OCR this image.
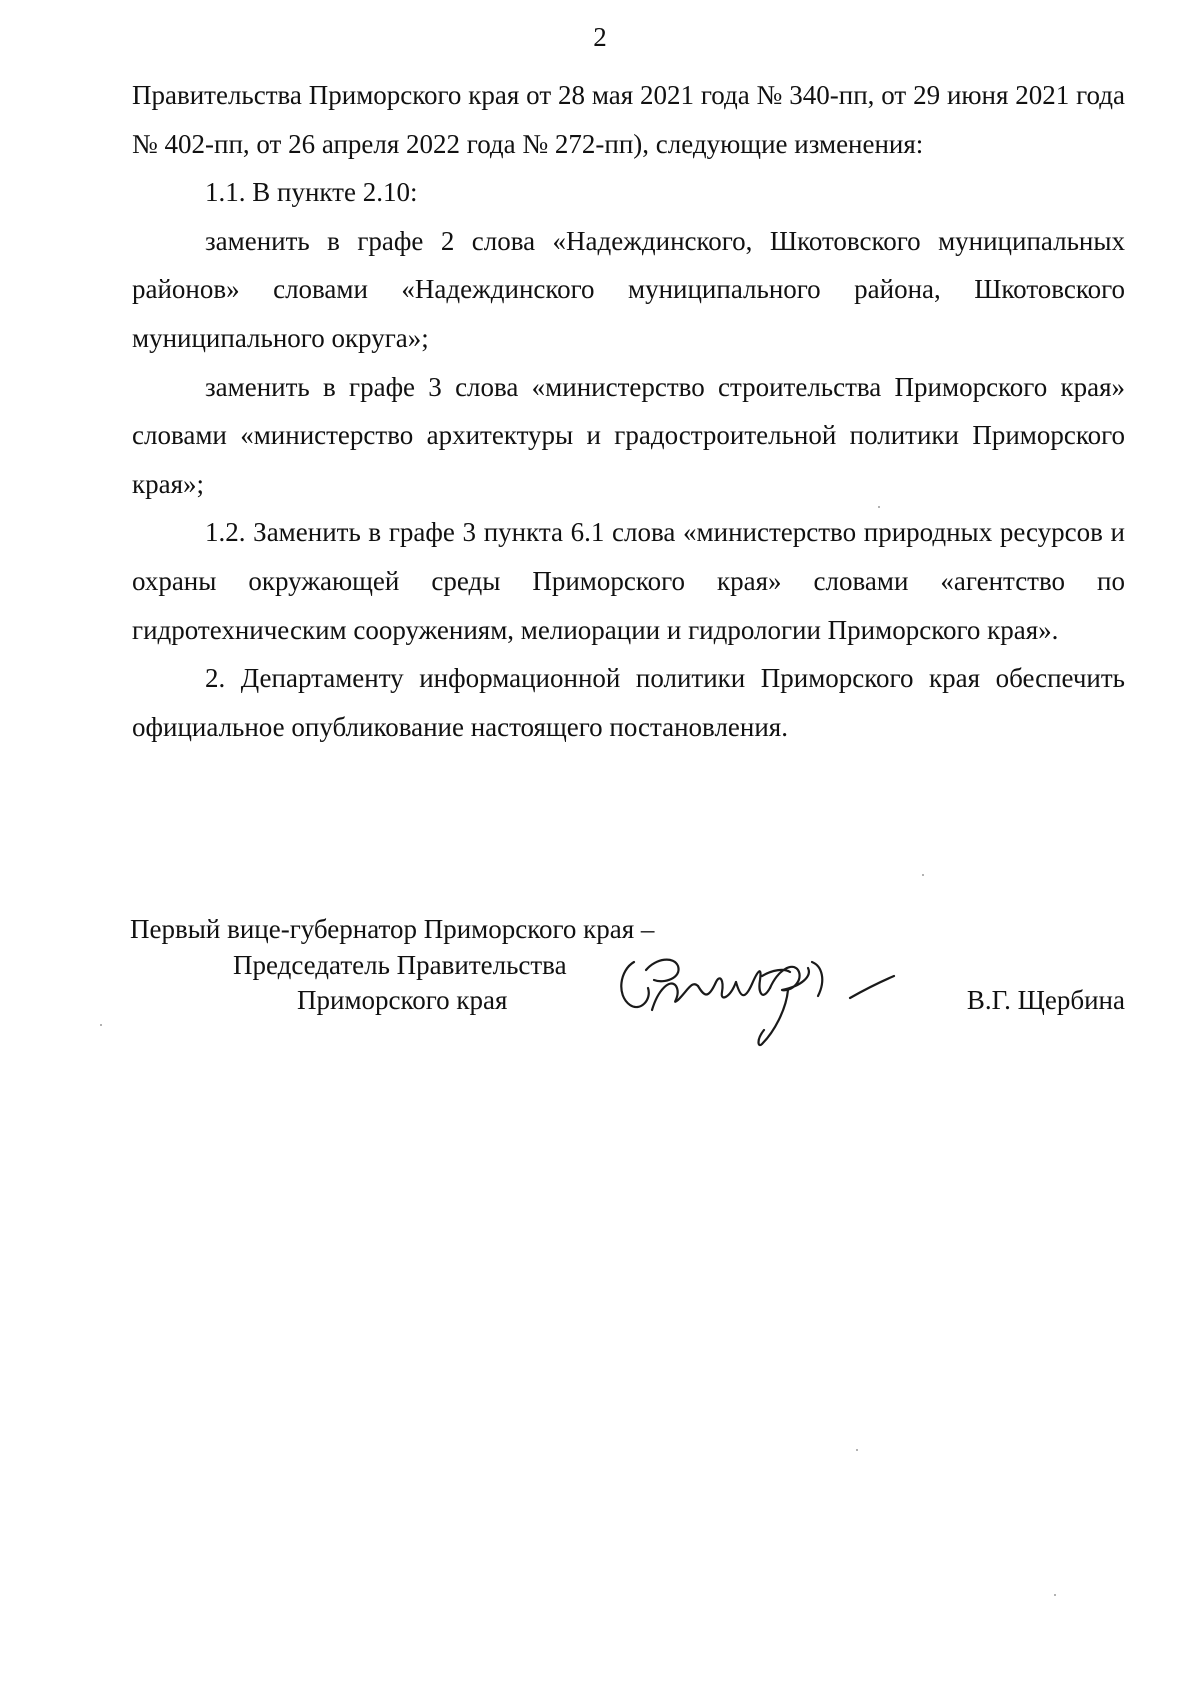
2

Правительства Приморского края от 28 мая 2021 года № 340-пп, от 29 июня 2021 года № 402-пп, от 26 апреля 2022 года № 272-пп), следующие изменения:

1.1. В пункте 2.10:

заменить в графе 2 слова «Надеждинского, Шкотовского муниципальных районов» словами «Надеждинского муниципального района, Шкотовского муниципального округа»;

заменить в графе 3 слова «министерство строительства Приморского края» словами «министерство архитектуры и градостроительной политики Приморского края»;

1.2. Заменить в графе 3 пункта 6.1 слова «министерство природных ресурсов и охраны окружающей среды Приморского края» словами «агентство по гидротехническим сооружениям, мелиорации и гидрологии Приморского края».

2. Департаменту информационной политики Приморского края обеспечить официальное опубликование настоящего постановления.

Первый вице-губернатор Приморского края –
Председатель Правительства
Приморского края	В.Г. Щербина
